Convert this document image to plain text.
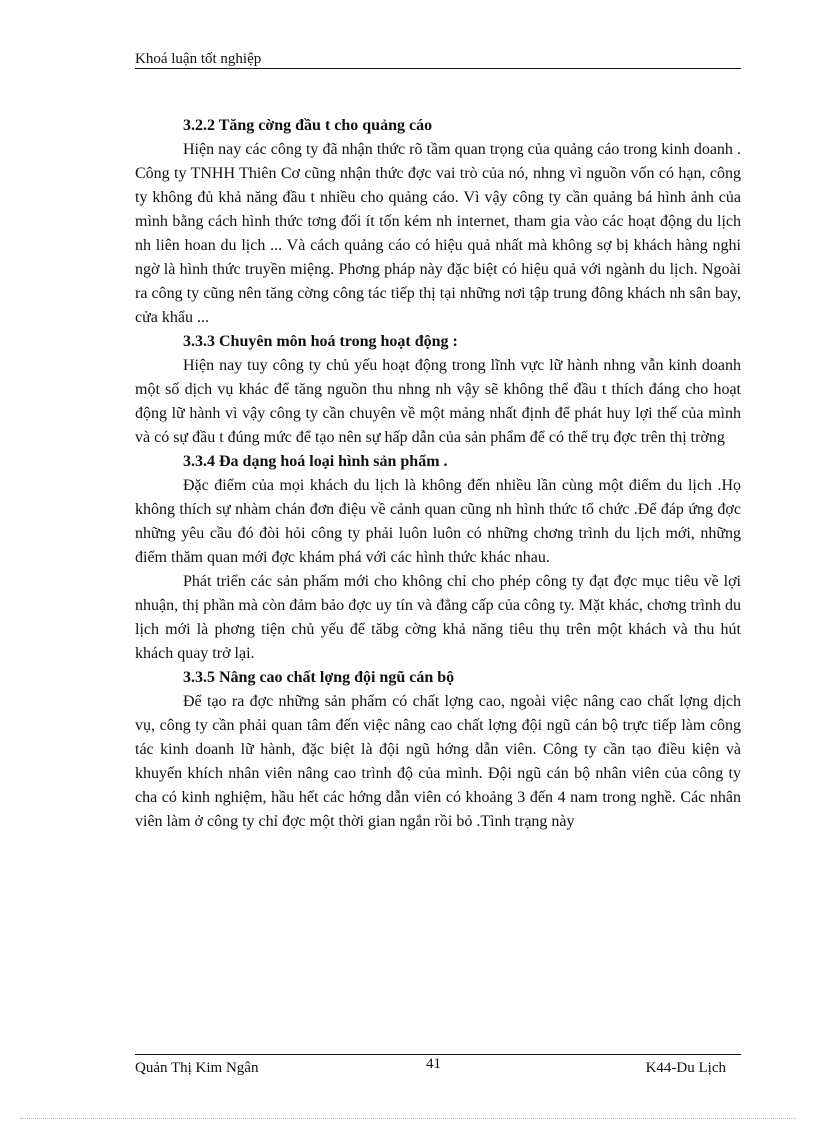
Khoá luận tốt nghiệp

3.2.2 Tăng cờng đầu t cho quảng cáo

Hiện nay các công ty đã nhận thức rõ tầm quan trọng của quảng cáo trong kinh doanh . Công ty TNHH Thiên Cơ cũng nhận thức đợc vai trò của nó, nhng vì nguồn vốn có hạn, công ty không đủ khả năng đầu t nhiều cho quảng cáo. Vì vậy công ty cần quảng bá hình ảnh của mình bằng cách hình thức tơng đối ít tốn kém nh internet, tham gia vào các hoạt động du lịch nh liên hoan du lịch ... Và cách quảng cáo có hiệu quả nhất mà không sợ bị khách hàng nghi ngờ là hình thức truyền miệng. Phơng pháp này đặc biệt có hiệu quả với ngành du lịch. Ngoài ra công ty cũng nên tăng cờng công tác tiếp thị tại những nơi tập trung đông khách nh sân bay, cửa khẩu ...

3.3.3 Chuyên môn hoá trong hoạt động :

Hiện nay tuy công ty chủ yếu hoạt động trong lĩnh vực lữ hành nhng vẫn kinh doanh một số dịch vụ khác để tăng nguồn thu nhng nh vậy sẽ không thể đầu t thích đáng cho hoạt động lữ hành vì vậy công ty cần chuyên về một mảng nhất định để phát huy lợi thế của mình và có sự đầu t đúng mức để tạo nên sự hấp dẫn của sản phẩm để có thể trụ đợc trên thị trờng

3.3.4 Đa dạng hoá loại hình sản phẩm .

Đặc điểm của mọi khách du lịch là không đến nhiều lần cùng một điểm du lịch .Họ không thích sự nhàm chán đơn điệu về cảnh quan cũng nh hình thức tổ chức .Để đáp ứng đợc những yêu cầu đó đòi hỏi công ty phải luôn luôn có những chơng trình du lịch mới, những điểm thăm quan mới đợc khám phá với các hình thức khác nhau.

Phát triển các sản phẩm mới cho không chỉ cho phép công ty đạt đợc mục tiêu về lợi nhuận, thị phần mà còn đảm bảo đợc uy tín và đẳng cấp của công ty. Mặt khác, chơng trình du lịch mới là phơng tiện chủ yếu để tăbg cờng khả năng tiêu thụ trên một khách và thu hút khách quay trở lại.

3.3.5 Nâng cao chất lợng đội ngũ cán bộ

Để tạo ra đợc những sản phẩm có chất lợng cao, ngoài việc nâng cao chất lợng dịch vụ, công ty cần phải quan tâm đến việc nâng cao chất lợng đội ngũ cán bộ trực tiếp làm công tác kinh doanh lữ hành, đặc biệt là đội ngũ hớng dẫn viên. Công ty cần tạo điều kiện và khuyến khích nhân viên nâng cao trình độ của mình. Đội ngũ cán bộ nhân viên của công ty cha có kinh nghiệm, hầu hết các hớng dẫn viên có khoảng 3 đến 4 nam trong nghề. Các nhân viên làm ở công ty chỉ đợc một thời gian ngắn rồi bỏ .Tình trạng này

Quản Thị Kim Ngân	41	K44-Du Lịch
